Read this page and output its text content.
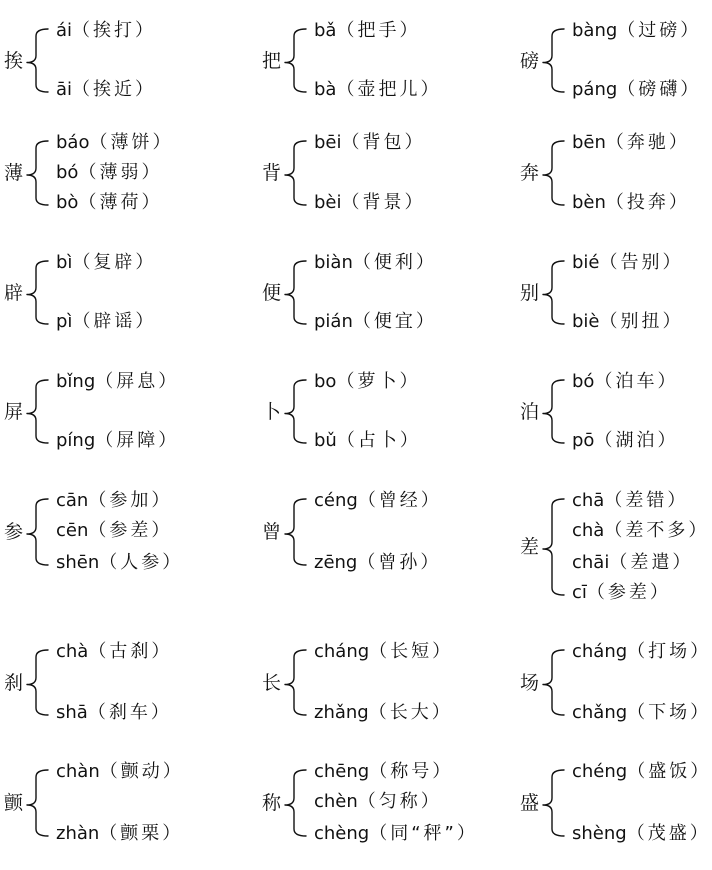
挨
ái（挨打）
āi（挨近）
把
bǎ（把手）
bà（壶把儿）
磅
bàng（过磅）
páng（磅礴）
薄
báo（薄饼）
bó（薄弱）
bò（薄荷）
背
bēi（背包）
bèi（背景）
奔
bēn（奔驰）
bèn（投奔）
辟
bì（复辟）
pì（辟谣）
便
biàn（便利）
pián（便宜）
别
bié（告别）
biè（别扭）
屏
bǐng（屏息）
píng（屏障）
卜
bo（萝卜）
bǔ（占卜）
泊
bó（泊车）
pō（湖泊）
参
cān（参加）
cēn（参差）
shēn（人参）
曾
céng（曾经）
zēng（曾孙）
差
chā（差错）
chà（差不多）
chāi（差遣）
cī（参差）
刹
chà（古刹）
shā（刹车）
长
cháng（长短）
zhǎng（长大）
场
cháng（打场）
chǎng（下场）
颤
chàn（颤动）
zhàn（颤栗）
称
chēng（称号）
chèn（匀称）
chèng（同“秤”）
盛
chéng（盛饭）
shèng（茂盛）
